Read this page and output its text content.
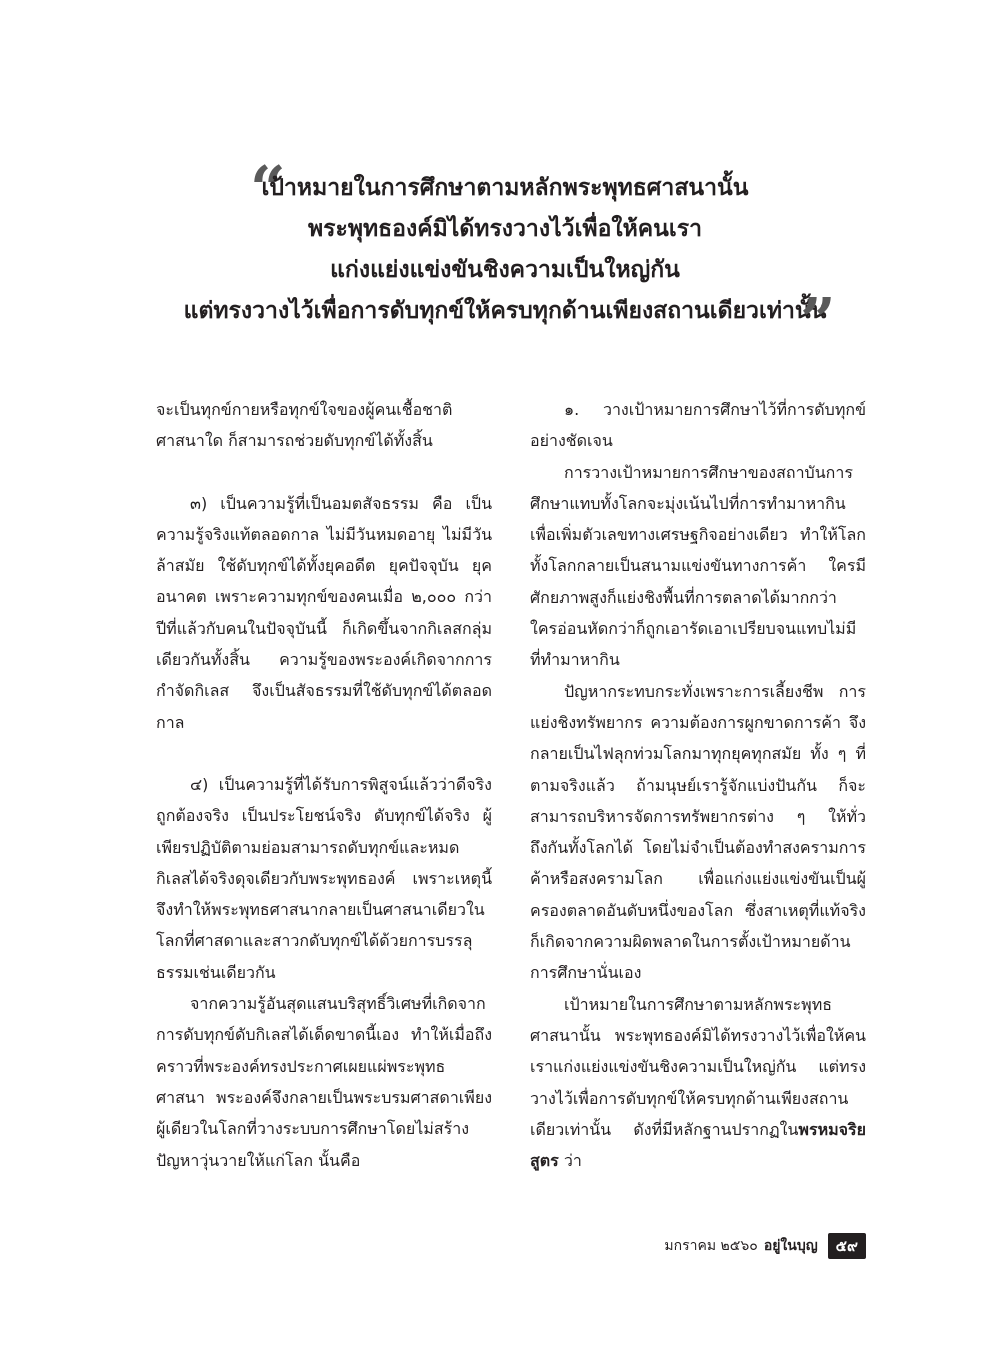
“
เป้าหมายในการศึกษาตามหลักพระพุทธศาสนานั้น
พระพุทธองค์มิได้ทรงวางไว้เพื่อให้คนเรา
แก่งแย่งแข่งขันชิงความเป็นใหญ่กัน
แต่ทรงวางไว้เพื่อการดับทุกข์ให้ครบทุกด้านเพียงสถานเดียวเท่านั้น
”

จะเป็นทุกข์กายหรือทุกข์ใจของผู้คนเชื้อชาติ ศาสนาใด ก็สามารถช่วยดับทุกข์ได้ทั้งสิ้น

๓) เป็นความรู้ที่เป็นอมตสัจธรรม คือ เป็นความรู้จริงแท้ตลอดกาล ไม่มีวันหมดอายุ ไม่มีวันล้าสมัย ใช้ดับทุกข์ได้ทั้งยุคอดีต ยุคปัจจุบัน ยุคอนาคต เพราะความทุกข์ของคนเมื่อ ๒,๐๐๐ กว่าปีที่แล้วกับคนในปัจจุบันนี้ ก็เกิดขึ้นจากกิเลสกลุ่มเดียวกันทั้งสิ้น ความรู้ของพระองค์เกิดจากการกำจัดกิเลส จึงเป็นสัจธรรมที่ใช้ดับทุกข์ได้ตลอดกาล

๔) เป็นความรู้ที่ได้รับการพิสูจน์แล้วว่าดีจริง ถูกต้องจริง เป็นประโยชน์จริง ดับทุกข์ได้จริง ผู้เพียรปฏิบัติตามย่อมสามารถดับทุกข์และหมดกิเลสได้จริงดุจเดียวกับพระพุทธองค์ เพราะเหตุนี้จึงทำให้พระพุทธศาสนากลายเป็นศาสนาเดียวในโลกที่ศาสดาและสาวกดับทุกข์ได้ด้วยการบรรลุธรรมเช่นเดียวกัน

จากความรู้อันสุดแสนบริสุทธิ์วิเศษที่เกิดจากการดับทุกข์ดับกิเลสได้เด็ดขาดนี้เอง ทำให้เมื่อถึงคราวที่พระองค์ทรงประกาศเผยแผ่พระพุทธศาสนา พระองค์จึงกลายเป็นพระบรมศาสดาเพียงผู้เดียวในโลกที่วางระบบการศึกษาโดยไม่สร้างปัญหาวุ่นวายให้แก่โลก นั้นคือ

๑. วางเป้าหมายการศึกษาไว้ที่การดับทุกข์อย่างชัดเจน

การวางเป้าหมายการศึกษาของสถาบันการศึกษาแทบทั้งโลกจะมุ่งเน้นไปที่การทำมาหากินเพื่อเพิ่มตัวเลขทางเศรษฐกิจอย่างเดียว ทำให้โลกทั้งโลกกลายเป็นสนามแข่งขันทางการค้า ใครมีศักยภาพสูงก็แย่งชิงพื้นที่การตลาดได้มากกว่า ใครอ่อนหัดกว่าก็ถูกเอารัดเอาเปรียบจนแทบไม่มีที่ทำมาหากิน

ปัญหากระทบกระทั่งเพราะการเลี้ยงชีพ การแย่งชิงทรัพยากร ความต้องการผูกขาดการค้า จึงกลายเป็นไฟลุกท่วมโลกมาทุกยุคทุกสมัย ทั้ง ๆ ที่ตามจริงแล้ว ถ้ามนุษย์เรารู้จักแบ่งปันกัน ก็จะสามารถบริหารจัดการทรัพยากรต่าง ๆ ให้ทั่วถึงกันทั้งโลกได้ โดยไม่จำเป็นต้องทำสงครามการค้าหรือสงครามโลก เพื่อแก่งแย่งแข่งขันเป็นผู้ครองตลาดอันดับหนึ่งของโลก ซึ่งสาเหตุที่แท้จริงก็เกิดจากความผิดพลาดในการตั้งเป้าหมายด้านการศึกษานั่นเอง

เป้าหมายในการศึกษาตามหลักพระพุทธศาสนานั้น พระพุทธองค์มิได้ทรงวางไว้เพื่อให้คนเราแก่งแย่งแข่งขันชิงความเป็นใหญ่กัน แต่ทรงวางไว้เพื่อการดับทุกข์ให้ครบทุกด้านเพียงสถานเดียวเท่านั้น ดังที่มีหลักฐานปรากฏในพรหมจริยสูตร ว่า

มกราคม ๒๕๖๐ อยู่ในบุญ	๕๙
